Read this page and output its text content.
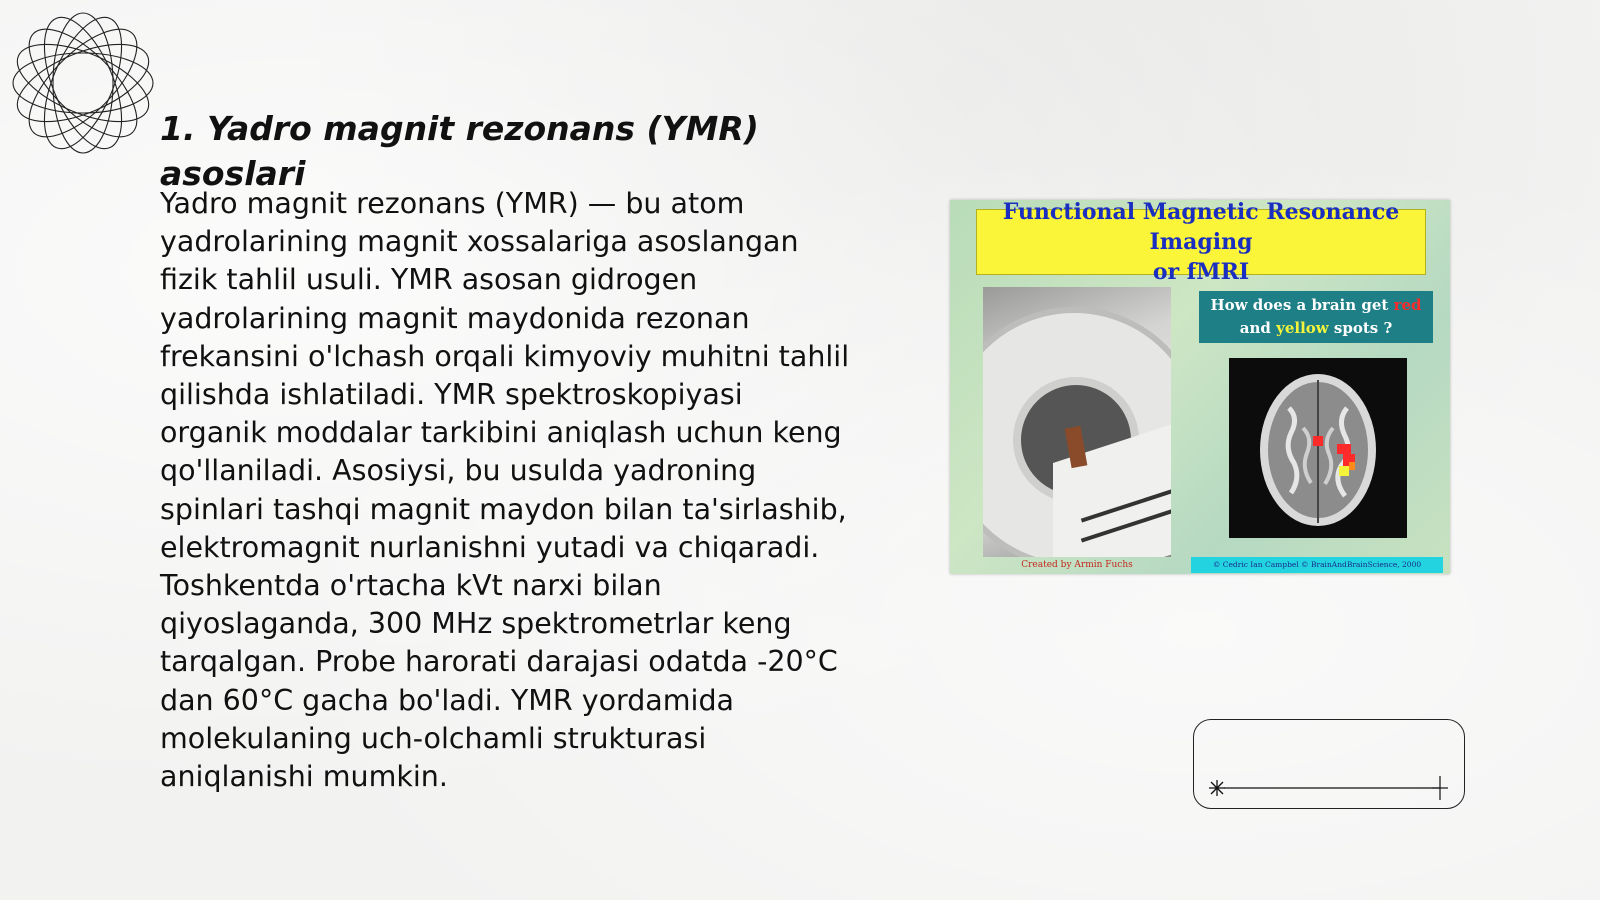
1. Yadro magnit rezonans (YMR) asoslari

Yadro magnit rezonans (YMR) — bu atom yadrolarining magnit xossalariga asoslangan fizik tahlil usuli. YMR asosan gidrogen yadrolarining magnit maydonida rezonan frekansini o'lchash orqali kimyoviy muhitni tahlil qilishda ishlatiladi. YMR spektroskopiyasi organik moddalar tarkibini aniqlash uchun keng qo'llaniladi. Asosiysi, bu usulda yadroning spinlari tashqi magnit maydon bilan ta'sirlashib, elektromagnit nurlanishni yutadi va chiqaradi. Toshkentda o'rtacha kVt narxi bilan qiyoslaganda, 300 MHz spektrometrlar keng tarqalgan. Probe harorati darajasi odatda -20°C dan 60°C gacha bo'ladi. YMR yordamida molekulaning uch-olchamli strukturasi aniqlanishi mumkin.

Functional Magnetic Resonance Imaging
or fMRI
How does a brain get red
and yellow spots ?
Created by Armin Fuchs	© Cedric Ian Campbel © BrainAndBrainScience, 2000
